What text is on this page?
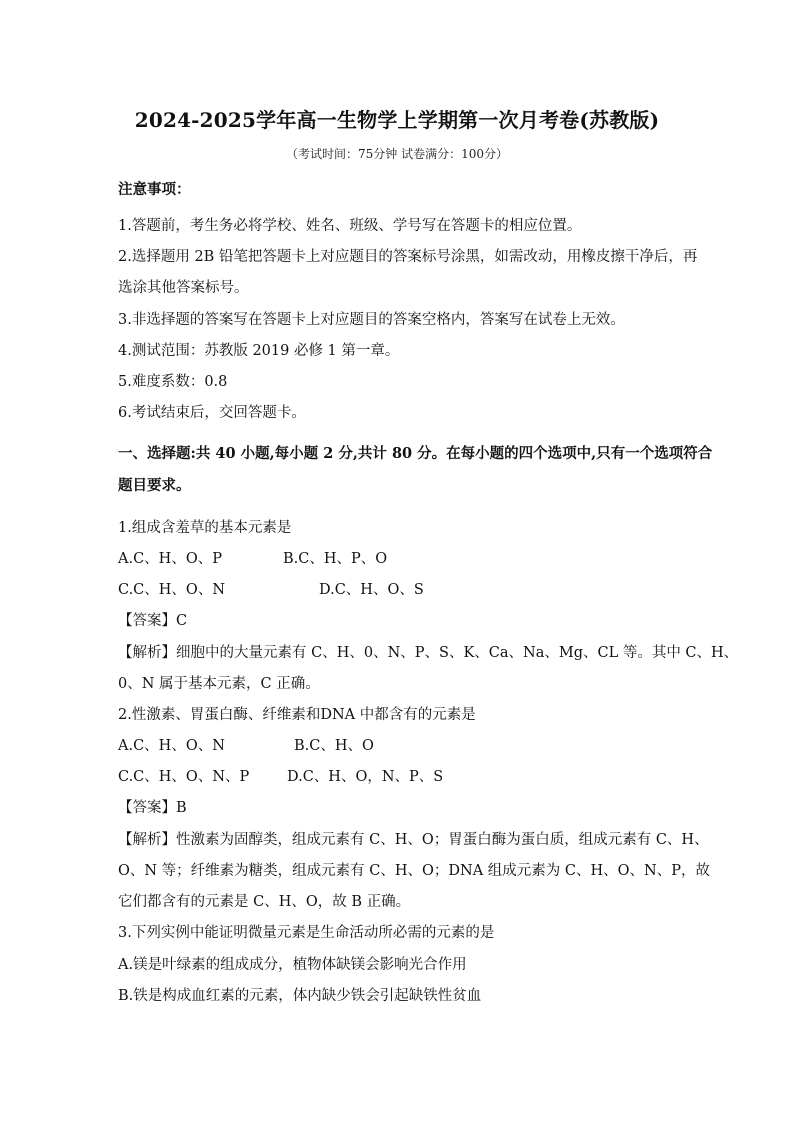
2024-2025学年高一生物学上学期第一次月考卷(苏教版)
（考试时间：75分钟 试卷满分：100分）
注意事项：
1.答题前，考生务必将学校、姓名、班级、学号写在答题卡的相应位置。
2.选择题用 2B 铅笔把答题卡上对应题目的答案标号涂黑，如需改动，用橡皮擦干净后，再
选涂其他答案标号。
3.非选择题的答案写在答题卡上对应题目的答案空格内，答案写在试卷上无效。
4.测试范围：苏教版 2019 必修 1 第一章。
5.难度系数：0.8
6.考试结束后，交回答题卡。
一、选择题:共 40 小题,每小题 2 分,共计 80 分。在每小题的四个选项中,只有一个选项符合
题目要求。
1.组成含羞草的基本元素是
A.C、H、O、P	B.C、H、P、O
C.C、H、O、N	D.C、H、O、S
【答案】C
【解析】细胞中的大量元素有 C、H、0、N、P、S、K、Ca、Na、Mg、CL 等。其中 C、H、
0、N 属于基本元素，C 正确。
2.性激素、胃蛋白酶、纤维素和DNA 中都含有的元素是
A.C、H、O、N	B.C、H、O
C.C、H、O、N、P	D.C、H、O，N、P、S
【答案】B
【解析】性激素为固醇类，组成元素有 C、H、O；胃蛋白酶为蛋白质，组成元素有 C、H、
O、N 等；纤维素为糖类，组成元素有 C、H、O；DNA 组成元素为 C、H、O、N、P，故
它们都含有的元素是 C、H、O，故 B 正确。
3.下列实例中能证明微量元素是生命活动所必需的元素的是
A.镁是叶绿素的组成成分，植物体缺镁会影响光合作用
B.铁是构成血红素的元素，体内缺少铁会引起缺铁性贫血
